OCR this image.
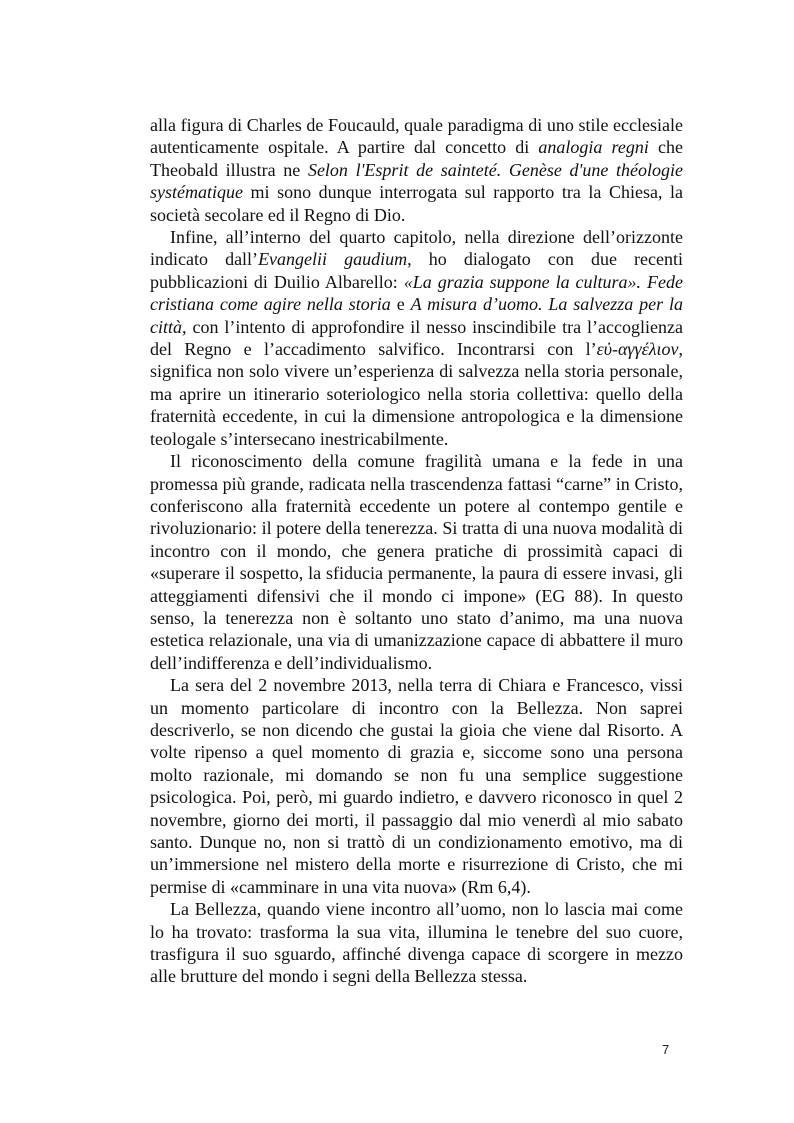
alla figura di Charles de Foucauld, quale paradigma di uno stile ecclesiale autenticamente ospitale. A partire dal concetto di analogia regni che Theobald illustra ne Selon l'Esprit de sainteté. Genèse d'une théologie systématique mi sono dunque interrogata sul rapporto tra la Chiesa, la società secolare ed il Regno di Dio.

Infine, all’interno del quarto capitolo, nella direzione dell’orizzonte indicato dall’Evangelii gaudium, ho dialogato con due recenti pubblicazioni di Duilio Albarello: «La grazia suppone la cultura». Fede cristiana come agire nella storia e A misura d’uomo. La salvezza per la città, con l’intento di approfondire il nesso inscindibile tra l’accoglienza del Regno e l’accadimento salvifico. Incontrarsi con l’εὐ-αγγέλιον, significa non solo vivere un’esperienza di salvezza nella storia personale, ma aprire un itinerario soteriologico nella storia collettiva: quello della fraternità eccedente, in cui la dimensione antropologica e la dimensione teologale s’intersecano inestricabilmente.

Il riconoscimento della comune fragilità umana e la fede in una promessa più grande, radicata nella trascendenza fattasi “carne” in Cristo, conferiscono alla fraternità eccedente un potere al contempo gentile e rivoluzionario: il potere della tenerezza. Si tratta di una nuova modalità di incontro con il mondo, che genera pratiche di prossimità capaci di «superare il sospetto, la sfiducia permanente, la paura di essere invasi, gli atteggiamenti difensivi che il mondo ci impone» (EG 88). In questo senso, la tenerezza non è soltanto uno stato d’animo, ma una nuova estetica relazionale, una via di umanizzazione capace di abbattere il muro dell’indifferenza e dell’individualismo.

La sera del 2 novembre 2013, nella terra di Chiara e Francesco, vissi un momento particolare di incontro con la Bellezza. Non saprei descriverlo, se non dicendo che gustai la gioia che viene dal Risorto. A volte ripenso a quel momento di grazia e, siccome sono una persona molto razionale, mi domando se non fu una semplice suggestione psicologica. Poi, però, mi guardo indietro, e davvero riconosco in quel 2 novembre, giorno dei morti, il passaggio dal mio venerdì al mio sabato santo. Dunque no, non si trattò di un condizionamento emotivo, ma di un’immersione nel mistero della morte e risurrezione di Cristo, che mi permise di «camminare in una vita nuova» (Rm 6,4).

La Bellezza, quando viene incontro all’uomo, non lo lascia mai come lo ha trovato: trasforma la sua vita, illumina le tenebre del suo cuore, trasfigura il suo sguardo, affinché divenga capace di scorgere in mezzo alle brutture del mondo i segni della Bellezza stessa.

7
